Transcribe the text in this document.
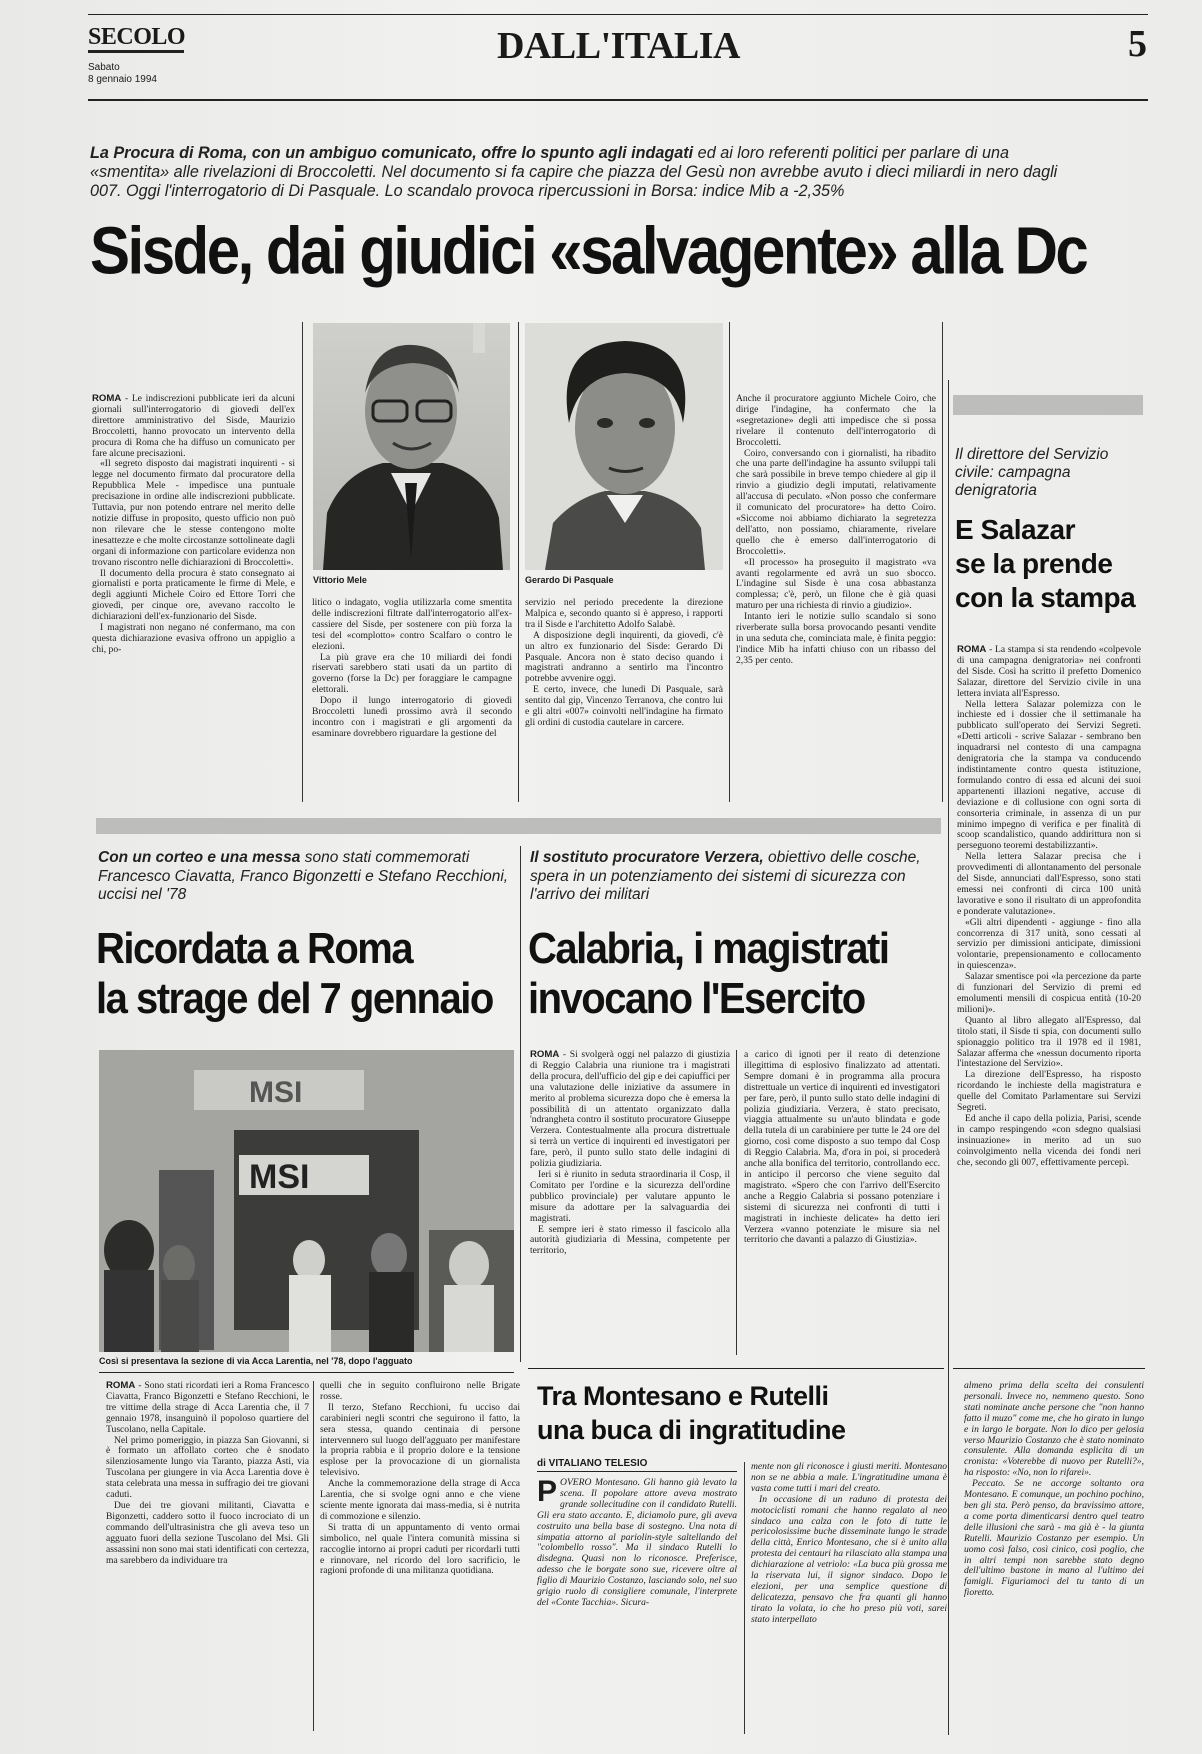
SECOLO
Sabato
8 gennaio 1994
DALL'ITALIA	5
La Procura di Roma, con un ambiguo comunicato, offre lo spunto agli indagati ed ai loro referenti politici per parlare di una «smentita» alle rivelazioni di Broccoletti. Nel documento si fa capire che piazza del Gesù non avrebbe avuto i dieci miliardi in nero dagli 007. Oggi l'interrogatorio di Di Pasquale. Lo scandalo provoca ripercussioni in Borsa: indice Mib a -2,35%
Sisde, dai giudici «salvagente» alla Dc
Vittorio Mele	Gerardo Di Pasquale

ROMA - Le indiscrezioni pubblicate ieri da alcuni giornali sull'interrogatorio di giovedì dell'ex direttore amministrativo del Sisde, Maurizio Broccoletti, hanno provocato un intervento della procura di Roma che ha diffuso un comunicato per fare alcune precisazioni.

«Il segreto disposto dai magistrati inquirenti - si legge nel documento firmato dal procuratore della Repubblica Mele - impedisce una puntuale precisazione in ordine alle indiscrezioni pubblicate. Tuttavia, pur non potendo entrare nel merito delle notizie diffuse in proposito, questo ufficio non può non rilevare che le stesse contengono molte inesattezze e che molte circostanze sottolineate dagli organi di informazione con particolare evidenza non trovano riscontro nelle dichiarazioni di Broccoletti».

Il documento della procura è stato consegnato ai giornalisti e porta praticamente le firme di Mele, e degli aggiunti Michele Coiro ed Ettore Torri che giovedì, per cinque ore, avevano raccolto le dichiarazioni dell'ex-funzionario del Sisde.

I magistrati non negano né confermano, ma con questa dichiarazione evasiva offrono un appiglio a chi, po-

litico o indagato, voglia utilizzarla come smentita delle indiscrezioni filtrate dall'interrogatorio all'ex-cassiere del Sisde, per sostenere con più forza la tesi del «complotto» contro Scalfaro o contro le elezioni.

La più grave era che 10 miliardi dei fondi riservati sarebbero stati usati da un partito di governo (forse la Dc) per foraggiare le campagne elettorali.

Dopo il lungo interrogatorio di giovedì Broccoletti lunedì prossimo avrà il secondo incontro con i magistrati e gli argomenti da esaminare dovrebbero riguardare la gestione del

servizio nel periodo precedente la direzione Malpica e, secondo quanto si è appreso, i rapporti tra il Sisde e l'architetto Adolfo Salabè.

A disposizione degli inquirenti, da giovedì, c'è un altro ex funzionario del Sisde: Gerardo Di Pasquale. Ancora non è stato deciso quando i magistrati andranno a sentirlo ma l'incontro potrebbe avvenire oggi.

E certo, invece, che lunedì Di Pasquale, sarà sentito dal gip, Vincenzo Terranova, che contro lui e gli altri «007» coinvolti nell'indagine ha firmato gli ordini di custodia cautelare in carcere.

Anche il procuratore aggiunto Michele Coiro, che dirige l'indagine, ha confermato che la «segretazione» degli atti impedisce che si possa rivelare il contenuto dell'interrogatorio di Broccoletti.

Coiro, conversando con i giornalisti, ha ribadito che una parte dell'indagine ha assunto sviluppi tali che sarà possibile in breve tempo chiedere al gip il rinvio a giudizio degli imputati, relativamente all'accusa di peculato. «Non posso che confermare il comunicato del procuratore» ha detto Coiro. «Siccome noi abbiamo dichiarato la segretezza dell'atto, non possiamo, chiaramente, rivelare quello che è emerso dall'interrogatorio di Broccoletti».

«Il processo» ha proseguito il magistrato «va avanti regolarmente ed avrà un suo sbocco. L'indagine sul Sisde è una cosa abbastanza complessa; c'è, però, un filone che è già quasi maturo per una richiesta di rinvio a giudizio».

Intanto ieri le notizie sullo scandalo si sono riverberate sulla borsa provocando pesanti vendite in una seduta che, cominciata male, è finita peggio: l'indice Mib ha infatti chiuso con un ribasso del 2,35 per cento.

Il direttore del Servizio civile: campagna denigratoria
E Salazar
se la prende
con la stampa

ROMA - La stampa si sta rendendo «colpevole di una campagna denigratoria» nei confronti del Sisde. Così ha scritto il prefetto Domenico Salazar, direttore del Servizio civile in una lettera inviata all'Espresso.

Nella lettera Salazar polemizza con le inchieste ed i dossier che il settimanale ha pubblicato sull'operato dei Servizi Segreti. «Detti articoli - scrive Salazar - sembrano ben inquadrarsi nel contesto di una campagna denigratoria che la stampa va conducendo indistintamente contro questa istituzione, formulando contro di essa ed alcuni dei suoi appartenenti illazioni negative, accuse di deviazione e di collusione con ogni sorta di consorteria criminale, in assenza di un pur minimo impegno di verifica e per finalità di scoop scandalistico, quando addirittura non si perseguono teoremi destabilizzanti».

Nella lettera Salazar precisa che i provvedimenti di allontanamento del personale del Sisde, annunciati dall'Espresso, sono stati emessi nei confronti di circa 100 unità lavorative e sono il risultato di un approfondita e ponderate valutazione».

«Gli altri dipendenti - aggiunge - fino alla concorrenza di 317 unità, sono cessati al servizio per dimissioni anticipate, dimissioni volontarie, prepensionamento e collocamento in quiescenza».

Salazar smentisce poi «la percezione da parte di funzionari del Servizio di premi ed emolumenti mensili di cospicua entità (10-20 milioni)».

Quanto al libro allegato all'Espresso, dal titolo stati, il Sisde ti spia, con documenti sullo spionaggio politico tra il 1978 ed il 1981, Salazar afferma che «nessun documento riporta l'intestazione del Servizio».

La direzione dell'Espresso, ha risposto ricordando le inchieste della magistratura e quelle del Comitato Parlamentare sui Servizi Segreti.

Ed anche il capo della polizia, Parisi, scende in campo respingendo «con sdegno qualsiasi insinuazione» in merito ad un suo coinvolgimento nella vicenda dei fondi neri che, secondo gli 007, effettivamente percepì.

Con un corteo e una messa sono stati commemorati Francesco Ciavatta, Franco Bigonzetti e Stefano Recchioni, uccisi nel '78
Ricordata a Roma
la strage del 7 gennaio
MSI
MSI
Così si presentava la sezione di via Acca Larentia, nel '78, dopo l'agguato

ROMA - Sono stati ricordati ieri a Roma Francesco Ciavatta, Franco Bigonzetti e Stefano Recchioni, le tre vittime della strage di Acca Larentia che, il 7 gennaio 1978, insanguinò il popoloso quartiere del Tuscolano, nella Capitale.

Nel primo pomeriggio, in piazza San Giovanni, si è formato un affollato corteo che è snodato silenziosamente lungo via Taranto, piazza Asti, via Tuscolana per giungere in via Acca Larentia dove è stata celebrata una messa in suffragio dei tre giovani caduti.

Due dei tre giovani militanti, Ciavatta e Bigonzetti, caddero sotto il fuoco incrociato di un commando dell'ultrasinistra che gli aveva teso un agguato fuori della sezione Tuscolano del Msi. Gli assassini non sono mai stati identificati con certezza, ma sarebbero da individuare tra

quelli che in seguito confluirono nelle Brigate rosse.

Il terzo, Stefano Recchioni, fu ucciso dai carabinieri negli scontri che seguirono il fatto, la sera stessa, quando centinaia di persone intervennero sul luogo dell'agguato per manifestare la propria rabbia e il proprio dolore e la tensione esplose per la provocazione di un giornalista televisivo.

Anche la commemorazione della strage di Acca Larentia, che si svolge ogni anno e che viene sciente mente ignorata dai mass-media, si è nutrita di commozione e silenzio.

Si tratta di un appuntamento di vento ormai simbolico, nel quale l'intera comunità missina si raccoglie intorno ai propri caduti per ricordarli tutti e rinnovare, nel ricordo del loro sacrificio, le ragioni profonde di una militanza quotidiana.

Il sostituto procuratore Verzera, obiettivo delle cosche, spera in un potenziamento dei sistemi di sicurezza con l'arrivo dei militari
Calabria, i magistrati
invocano l'Esercito

ROMA - Si svolgerà oggi nel palazzo di giustizia di Reggio Calabria una riunione tra i magistrati della procura, dell'ufficio del gip e dei capiuffici per una valutazione delle iniziative da assumere in merito al problema sicurezza dopo che è emersa la possibilità di un attentato organizzato dalla 'ndrangheta contro il sostituto procuratore Giuseppe Verzera. Contestualmente alla procura distrettuale si terrà un vertice di inquirenti ed investigatori per fare, però, il punto sullo stato delle indagini di polizia giudiziaria.

Ieri si è riunito in seduta straordinaria il Cosp, il Comitato per l'ordine e la sicurezza dell'ordine pubblico provinciale) per valutare appunto le misure da adottare per la salvaguardia dei magistrati.

E sempre ieri è stato rimesso il fascicolo alla autorità giudiziaria di Messina, competente per territorio,

a carico di ignoti per il reato di detenzione illegittima di esplosivo finalizzato ad attentati. Sempre domani è in programma alla procura distrettuale un vertice di inquirenti ed investigatori per fare, però, il punto sullo stato delle indagini di polizia giudiziaria. Verzera, è stato precisato, viaggia attualmente su un'auto blindata e gode della tutela di un carabiniere per tutte le 24 ore del giorno, così come disposto a suo tempo dal Cosp di Reggio Calabria. Ma, d'ora in poi, si procederà anche alla bonifica del territorio, controllando ecc. in anticipo il percorso che viene seguito dal magistrato. «Spero che con l'arrivo dell'Esercito anche a Reggio Calabria si possano potenziare i sistemi di sicurezza nei confronti di tutti i magistrati in inchieste delicate» ha detto ieri Verzera «vanno potenziate le misure sia nel territorio che davanti a palazzo di Giustizia».

Tra Montesano e Rutelli
una buca di ingratitudine
di VITALIANO TELESIO

POVERO Montesano. Gli hanno già levato la scena. Il popolare attore aveva mostrato grande sollecitudine con il candidato Rutelli. Gli era stato accanto. E, diciamolo pure, gli aveva costruito una bella base di sostegno. Una nota di simpatia attorno al pariolin-style saltellando del "colombello rosso". Ma il sindaco Rutelli lo disdegna. Quasi non lo riconosce. Preferisce, adesso che le borgate sono sue, ricevere oltre al figlio di Maurizio Costanzo, lasciando solo, nel suo grigio ruolo di consigliere comunale, l'interprete del «Conte Tacchia». Sicura-

mente non gli riconosce i giusti meriti. Montesano non se ne abbia a male. L'ingratitudine umana è vasta come tutti i mari del creato.

In occasione di un raduno di protesta dei motociclisti romani che hanno regalato al neo sindaco una calza con le foto di tutte le pericolosissime buche disseminate lungo le strade della città, Enrico Montesano, che si è unito alla protesta dei centauri ha rilasciato alla stampa una dichiarazione al vetriolo: «La buca più grossa me la riservata lui, il signor sindaco. Dopo le elezioni, per una semplice questione di delicatezza, pensavo che fra quanti gli hanno tirato la volata, io che ho preso più voti, sarei stato interpellato

almeno prima della scelta dei consulenti personali. Invece no, nemmeno questo. Sono stati nominate anche persone che "non hanno fatto il muzo" come me, che ho girato in lungo e in largo le borgate. Non lo dico per gelosia verso Maurizio Costanzo che è stato nominato consulente. Alla domanda esplicita di un cronista: «Voterebbe di nuovo per Rutelli?», ha risposto: «No, non lo rifarei».

Peccato. Se ne accorge soltanto ora Montesano. E comunque, un pochino pochino, ben gli sta. Però penso, da bravissimo attore, a come porta dimenticarsi dentro quel teatro delle illusioni che sarà - ma già è - la giunta Rutelli. Maurizio Costanzo per esempio. Un uomo così falso, così cinico, così poglio, che in altri tempi non sarebbe stato degno dell'ultimo bastone in mano al l'ultimo dei famigli. Figuriamoci del tu tanto di un fioretto.
